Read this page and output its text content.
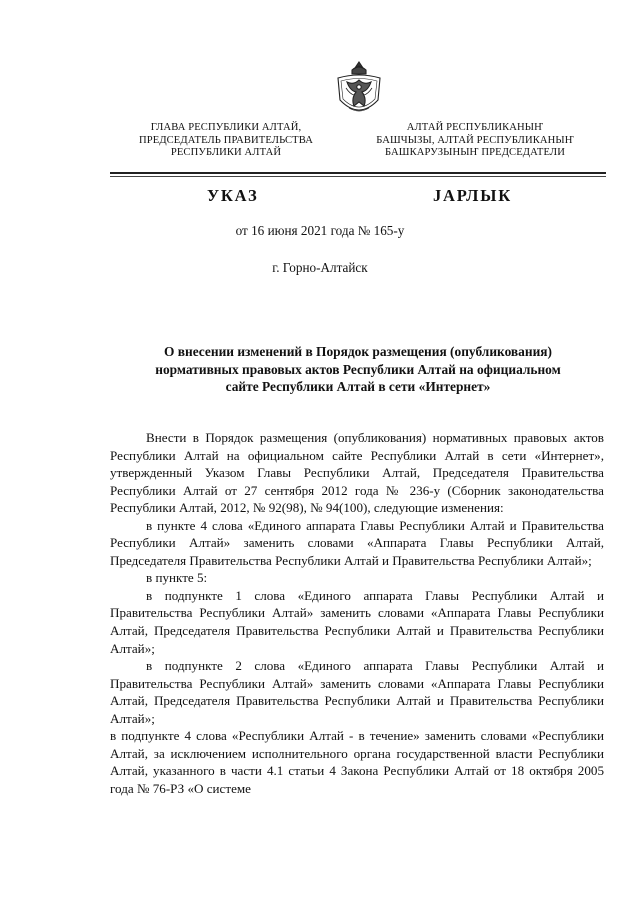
ГЛАВА РЕСПУБЛИКИ АЛТАЙ,
ПРЕДСЕДАТЕЛЬ ПРАВИТЕЛЬСТВА
РЕСПУБЛИКИ АЛТАЙ
АЛТАЙ РЕСПУБЛИКАНЫҤ
БАШЧЫЗЫ, АЛТАЙ РЕСПУБЛИКАНЫҤ
БАШКАРУЗЫНЫҤ ПРЕДСЕДАТЕЛИ
УКАЗ	ЈАРЛЫК
от 16 июня 2021 года № 165-у
г. Горно-Алтайск
О внесении изменений в Порядок размещения (опубликования)
нормативных правовых актов Республики Алтай на официальном
сайте Республики Алтай в сети «Интернет»

Внести в Порядок размещения (опубликования) нормативных правовых актов Республики Алтай на официальном сайте Республики Алтай в сети «Интернет», утвержденный Указом Главы Республики Алтай, Председателя Правительства Республики Алтай от 27 сентября 2012 года № 236-у (Сборник законодательства Республики Алтай, 2012, № 92(98), № 94(100), следующие изменения:

в пункте 4 слова «Единого аппарата Главы Республики Алтай и Правительства Республики Алтай» заменить словами «Аппарата Главы Республики Алтай, Председателя Правительства Республики Алтай и Правительства Республики Алтай»;

в пункте 5:

в подпункте 1 слова «Единого аппарата Главы Республики Алтай и Правительства Республики Алтай» заменить словами «Аппарата Главы Республики Алтай, Председателя Правительства Республики Алтай и Правительства Республики Алтай»;

в подпункте 2 слова «Единого аппарата Главы Республики Алтай и Правительства Республики Алтай» заменить словами «Аппарата Главы Республики Алтай, Председателя Правительства Республики Алтай и Правительства Республики Алтай»;

в подпункте 4 слова «Республики Алтай - в течение» заменить словами «Республики Алтай, за исключением исполнительного органа государственной власти Республики Алтай, указанного в части 4.1 статьи 4 Закона Республики Алтай от 18 октября 2005 года № 76-РЗ «О системе
